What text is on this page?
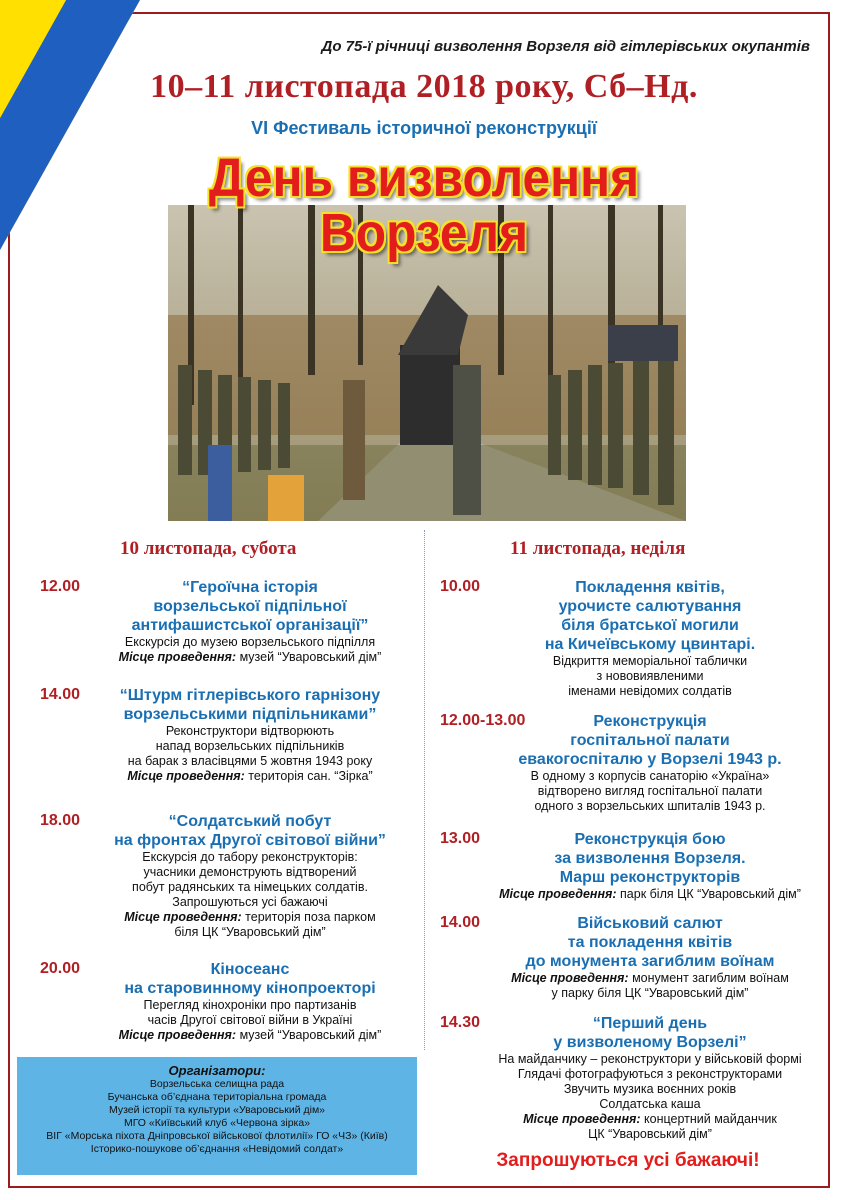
До 75-ї річниці визволення Ворзеля від гітлерівських окупантів
10–11 листопада 2018 року, Сб–Нд.
VI Фестиваль історичної реконструкції
День визволення
Ворзеля
10 листопада, субота	11 листопада, неділя
12.00	“Героїчна історія
ворзельської підпільної
антифашистської організації”
Екскурсія до музею ворзельського підпілля
Місце проведення: музей “Уваровський дім”
14.00	“Штурм гітлерівського гарнізону
ворзельськими підпільниками”
Реконструктори відтворюють
напад ворзельських підпільників
на барак з власівцями 5 жовтня 1943 року
Місце проведення: територія сан. “Зірка”
18.00	“Солдатський побут
на фронтах Другої світової війни”
Екскурсія до табору реконструкторів:
учасники демонструють відтворений
побут радянських та німецьких солдатів.
Запрошуються усі бажаючі
Місце проведення: територія поза парком
біля ЦК “Уваровський дім”
20.00	Кіносеанс
на старовинному кінопроекторі
Перегляд кінохроніки про партизанів
часів Другої світової війни в Україні
Місце проведення: музей “Уваровський дім”
10.00	Покладення квітів,
урочисте салютування
біля братської могили
на Кичеївському цвинтарі.
Відкриття меморіальної таблички
з нововиявленими
іменами невідомих солдатів
12.00-13.00	Реконструкція
госпітальної палати
евакогоспіталю у Ворзелі 1943 р.
В одному з корпусів санаторію «Україна»
відтворено вигляд госпітальної палати
одного з ворзельських шпиталів 1943 р.
13.00	Реконструкція бою
за визволення Ворзеля.
Марш реконструкторів
Місце проведення: парк біля ЦК “Уваровський дім”
14.00	Військовий салют
та покладення квітів
до монумента загиблим воїнам
Місце проведення: монумент загиблим воїнам
у парку біля ЦК “Уваровський дім”
14.30	“Перший день
у визволеному Ворзелі”
На майданчику – реконструктори у військовій формі
Глядачі фотографуються з реконструкторами
Звучить музика воєнних років
Солдатська каша
Місце проведення: концертний майданчик
ЦК “Уваровський дім”
Організатори:
Ворзельська селищна рада
Бучанська об’єднана територіальна громада
Музей історії та культури «Уваровський дім»
МГО «Київський клуб «Червона зірка»
ВІГ «Морська піхота Дніпровської військової флотилії» ГО «ЧЗ» (Київ)
Історико-пошукове об’єднання «Невідомий солдат»
Запрошуються усі бажаючі!
